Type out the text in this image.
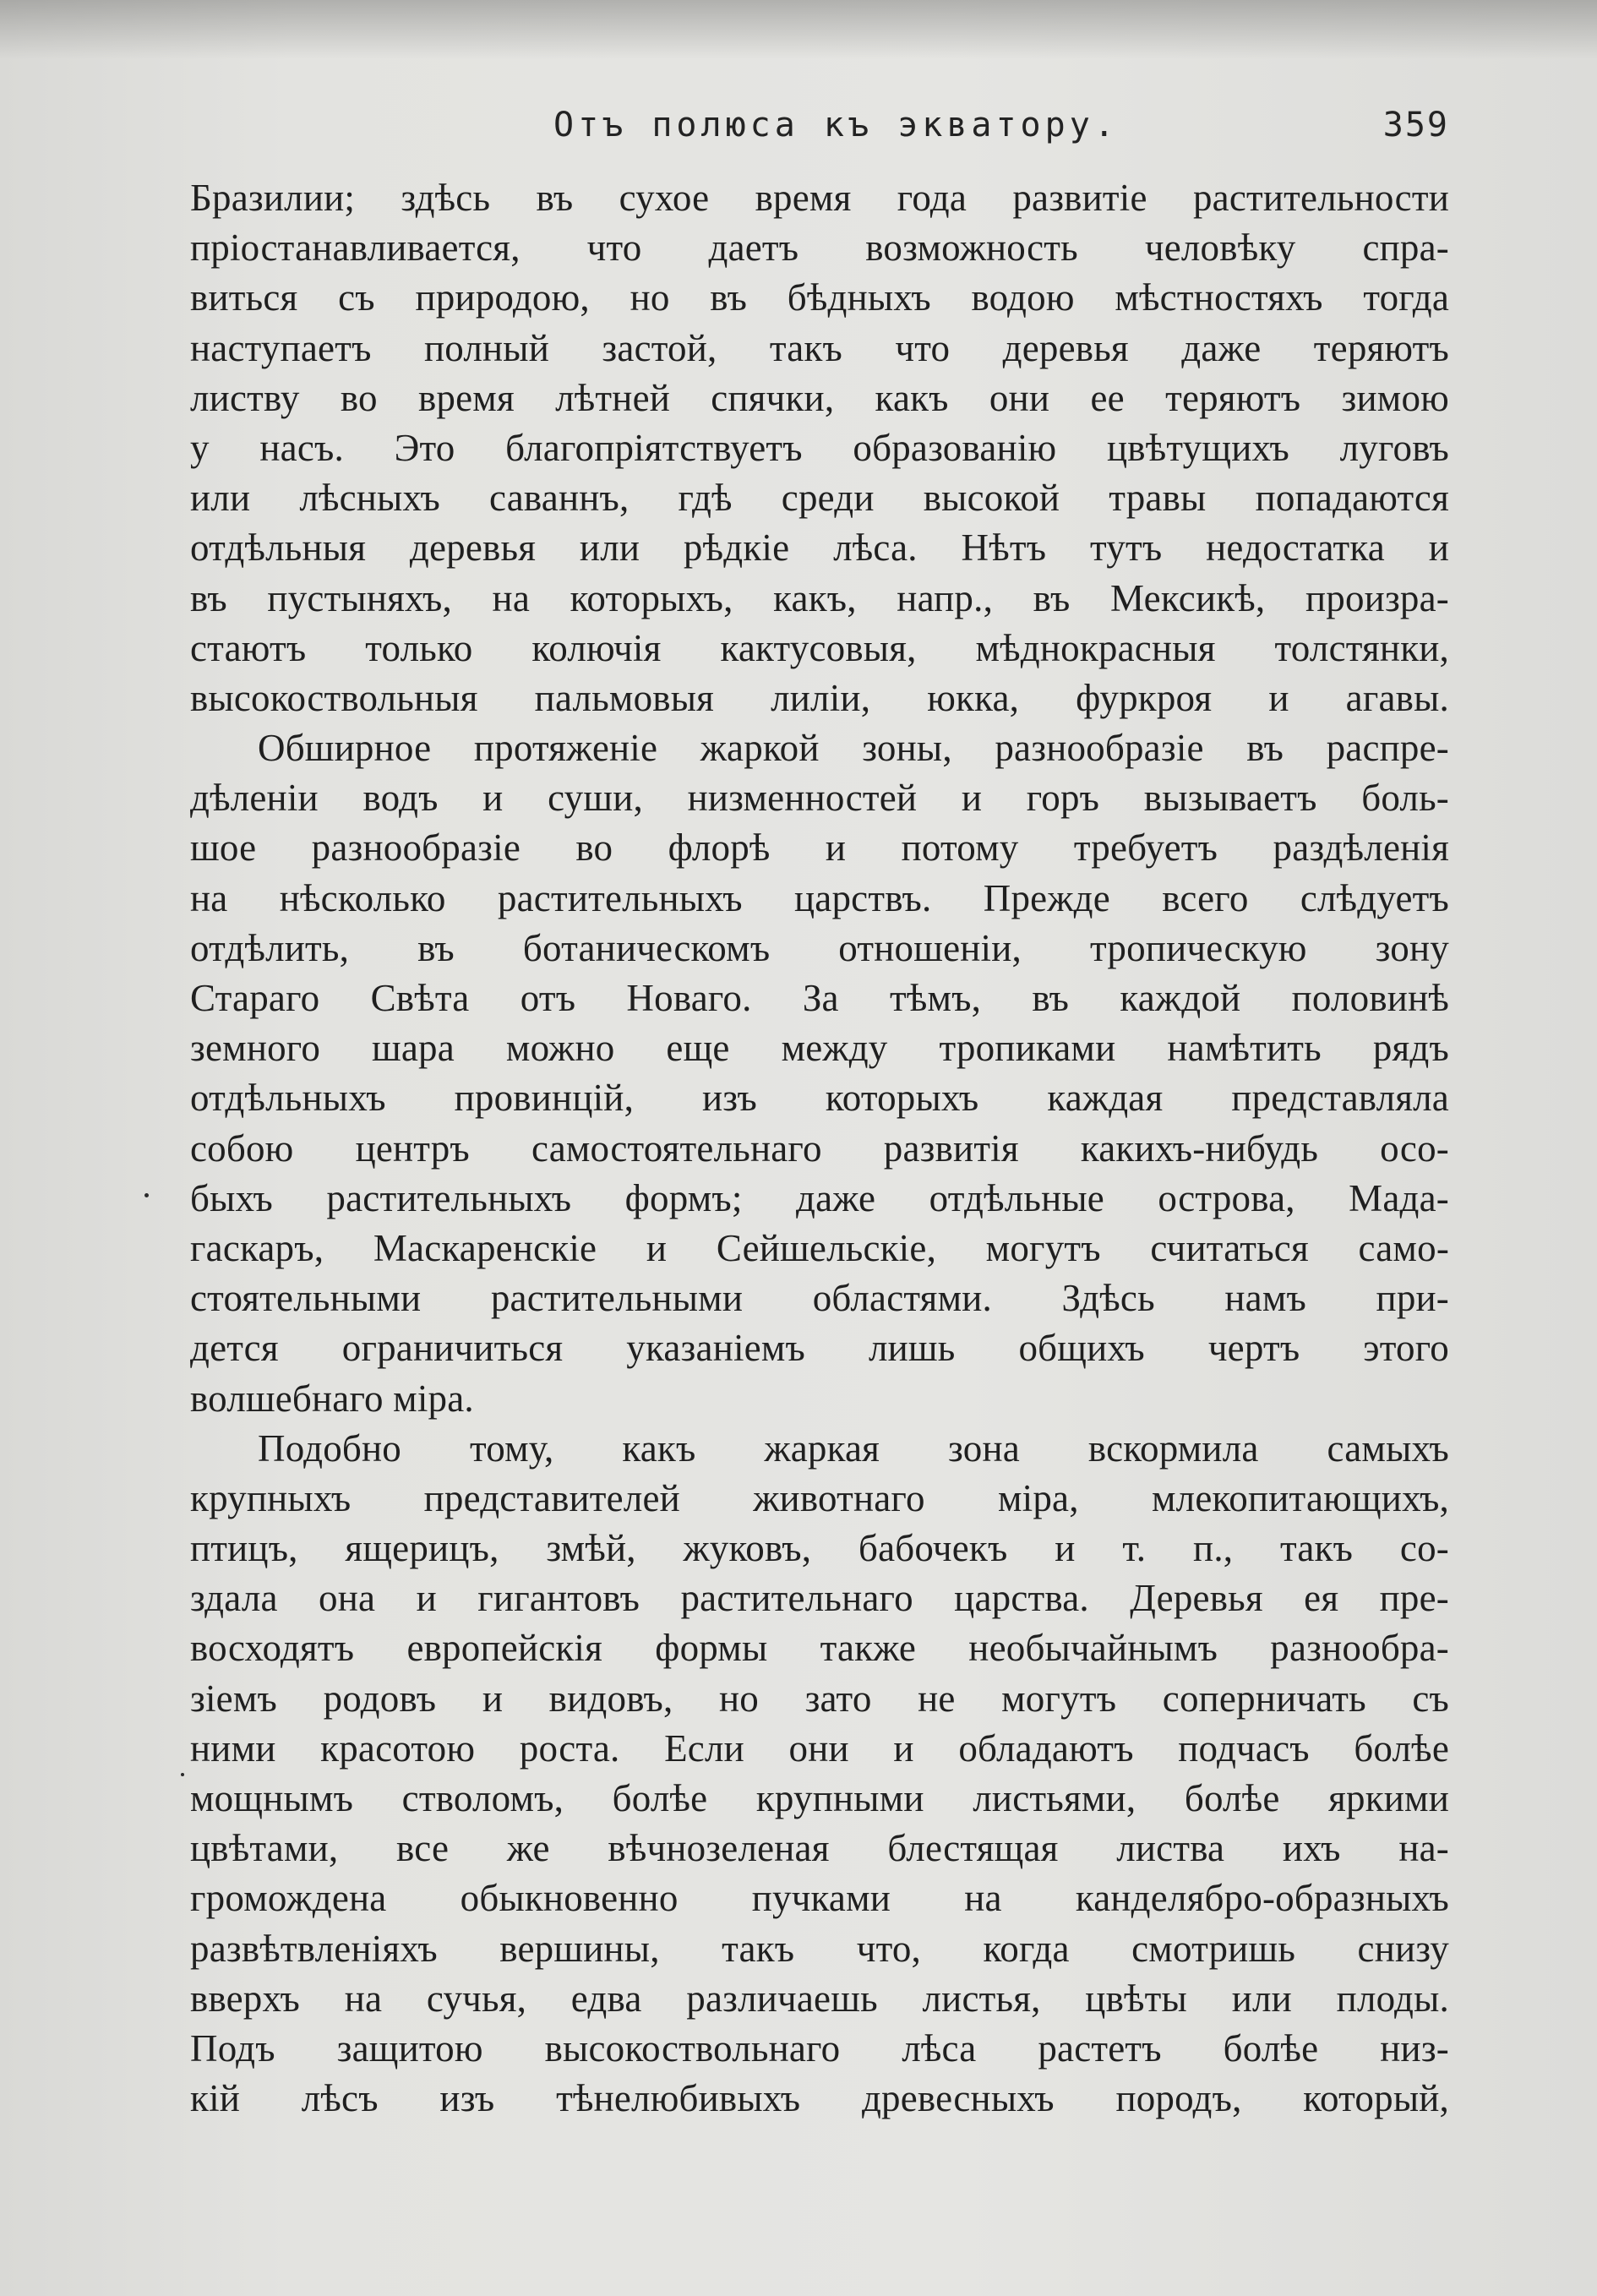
Отъ полюса къ экватору.	359
Бразилии; здѣсь въ сухое время года развитіе растительности
пріостанавливается, что даетъ возможность человѣку спра-
виться съ природою, но въ бѣдныхъ водою мѣстностяхъ тогда
наступаетъ полный застой, такъ что деревья даже теряютъ
листву во время лѣтней спячки, какъ они ее теряютъ зимою
у насъ. Это благопріятствуетъ образованію цвѣтущихъ луговъ
или лѣсныхъ саваннъ, гдѣ среди высокой травы попадаются
отдѣльныя деревья или рѣдкіе лѣса. Нѣтъ тутъ недостатка и
въ пустыняхъ, на которыхъ, какъ, напр., въ Мексикѣ, произра-
стаютъ только колючія кактусовыя, мѣднокрасныя толстянки,
высокоствольныя пальмовыя лиліи, юкка, фуркроя и агавы.
Обширное протяженіе жаркой зоны, разнообразіе въ распре-
дѣленіи водъ и суши, низменностей и горъ вызываетъ боль-
шое разнообразіе во флорѣ и потому требуетъ раздѣленія
на нѣсколько растительныхъ царствъ. Прежде всего слѣдуетъ
отдѣлить, въ ботаническомъ отношеніи, тропическую зону
Стараго Свѣта отъ Новаго. За тѣмъ, въ каждой половинѣ
земного шара можно еще между тропиками намѣтить рядъ
отдѣльныхъ провинцій, изъ которыхъ каждая представляла
собою центръ самостоятельнаго развитія какихъ-нибудь осо-
быхъ растительныхъ формъ; даже отдѣльные острова, Мада-
гаскаръ, Маскаренскіе и Сейшельскіе, могутъ считаться само-
стоятельными растительными областями. Здѣсь намъ при-
дется ограничиться указаніемъ лишь общихъ чертъ этого
волшебнаго міра.
Подобно тому, какъ жаркая зона вскормила самыхъ
крупныхъ представителей животнаго міра, млекопитающихъ,
птицъ, ящерицъ, змѣй, жуковъ, бабочекъ и т. п., такъ со-
здала она и гигантовъ растительнаго царства. Деревья ея пре-
восходятъ европейскія формы также необычайнымъ разнообра-
зіемъ родовъ и видовъ, но зато не могутъ соперничать съ
ними красотою роста. Если они и обладаютъ подчасъ болѣе
мощнымъ стволомъ, болѣе крупными листьями, болѣе яркими
цвѣтами, все же вѣчнозеленая блестящая листва ихъ на-
громождена обыкновенно пучками на канделябро-образныхъ
развѣтвленіяхъ вершины, такъ что, когда смотришь снизу
вверхъ на сучья, едва различаешь листья, цвѣты или плоды.
Подъ защитою высокоствольнаго лѣса растетъ болѣе низ-
кій лѣсъ изъ тѣнелюбивыхъ древесныхъ породъ, который,
